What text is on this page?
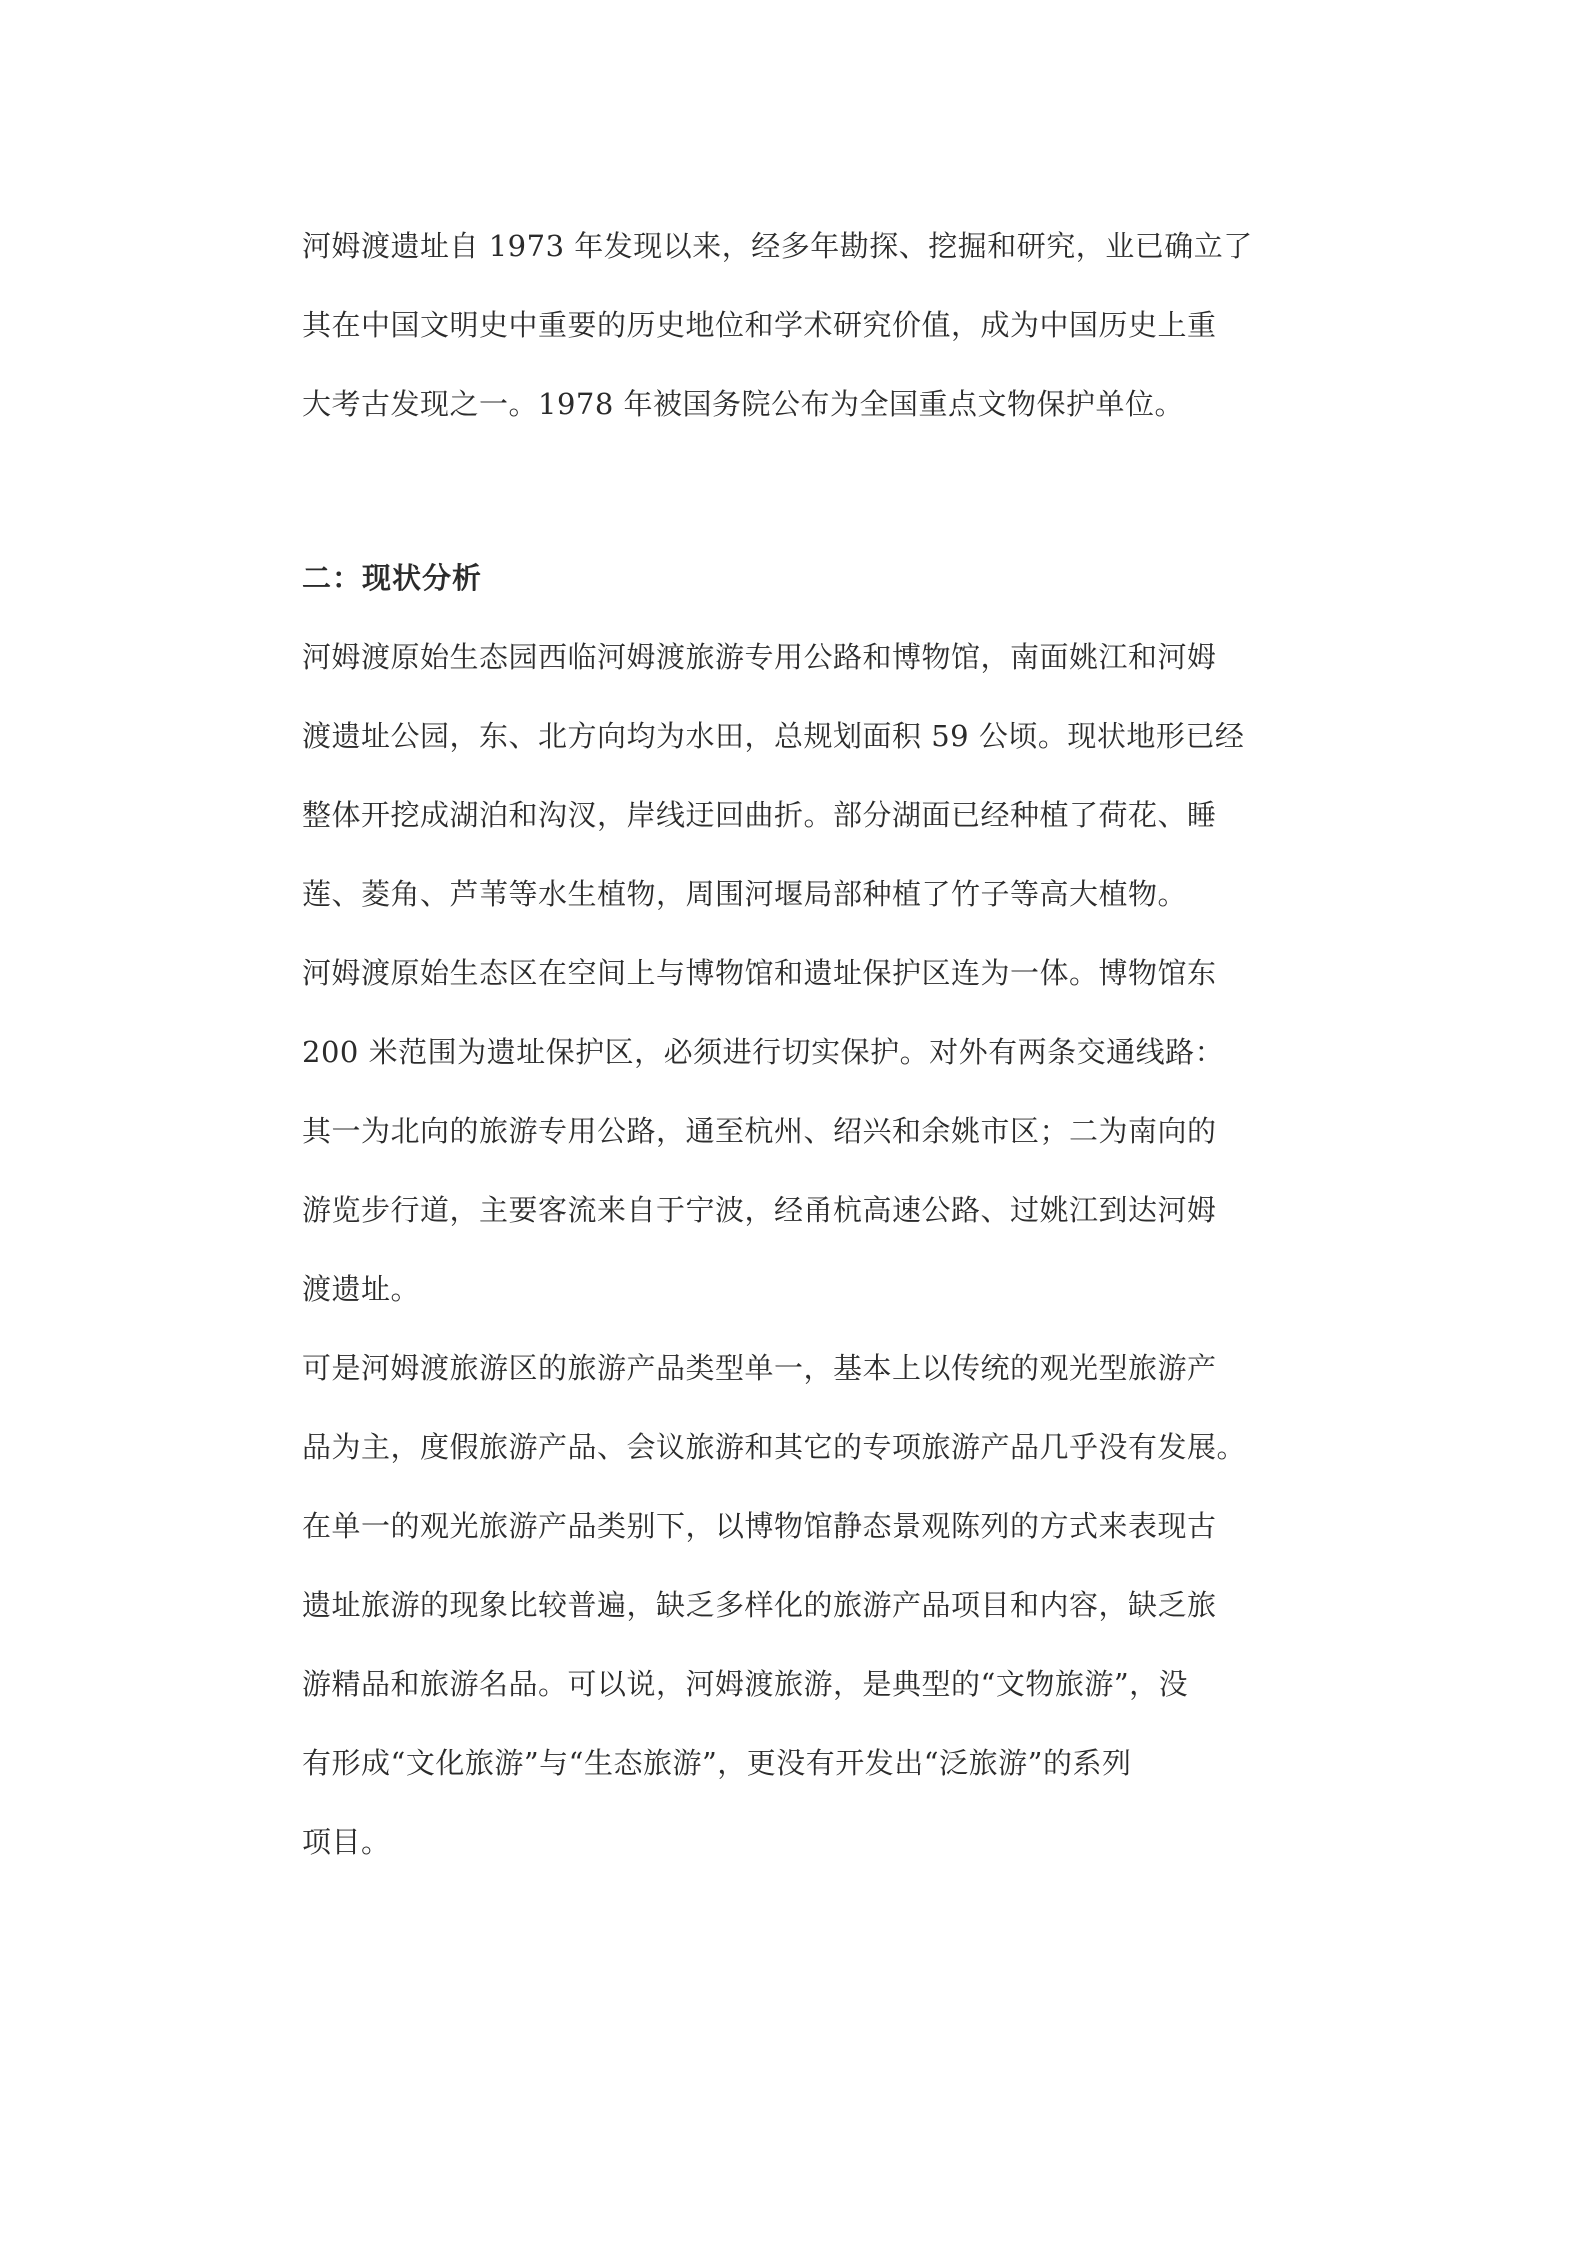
河姆渡遗址自 1973 年发现以来，经多年勘探、挖掘和研究，业已确立了
其在中国文明史中重要的历史地位和学术研究价值，成为中国历史上重
大考古发现之一。1978 年被国务院公布为全国重点文物保护单位。
二：现状分析
河姆渡原始生态园西临河姆渡旅游专用公路和博物馆，南面姚江和河姆
渡遗址公园，东、北方向均为水田，总规划面积 59 公顷。现状地形已经
整体开挖成湖泊和沟汊，岸线迂回曲折。部分湖面已经种植了荷花、睡
莲、菱角、芦苇等水生植物，周围河堰局部种植了竹子等高大植物。
河姆渡原始生态区在空间上与博物馆和遗址保护区连为一体。博物馆东
200 米范围为遗址保护区，必须进行切实保护。对外有两条交通线路：
其一为北向的旅游专用公路，通至杭州、绍兴和余姚市区；二为南向的
游览步行道，主要客流来自于宁波，经甬杭高速公路、过姚江到达河姆
渡遗址。
可是河姆渡旅游区的旅游产品类型单一，基本上以传统的观光型旅游产
品为主，度假旅游产品、会议旅游和其它的专项旅游产品几乎没有发展。
在单一的观光旅游产品类别下，以博物馆静态景观陈列的方式来表现古
遗址旅游的现象比较普遍，缺乏多样化的旅游产品项目和内容，缺乏旅
游精品和旅游名品。可以说，河姆渡旅游，是典型的“文物旅游”，没
有形成“文化旅游”与“生态旅游”，更没有开发出“泛旅游”的系列
项目。
